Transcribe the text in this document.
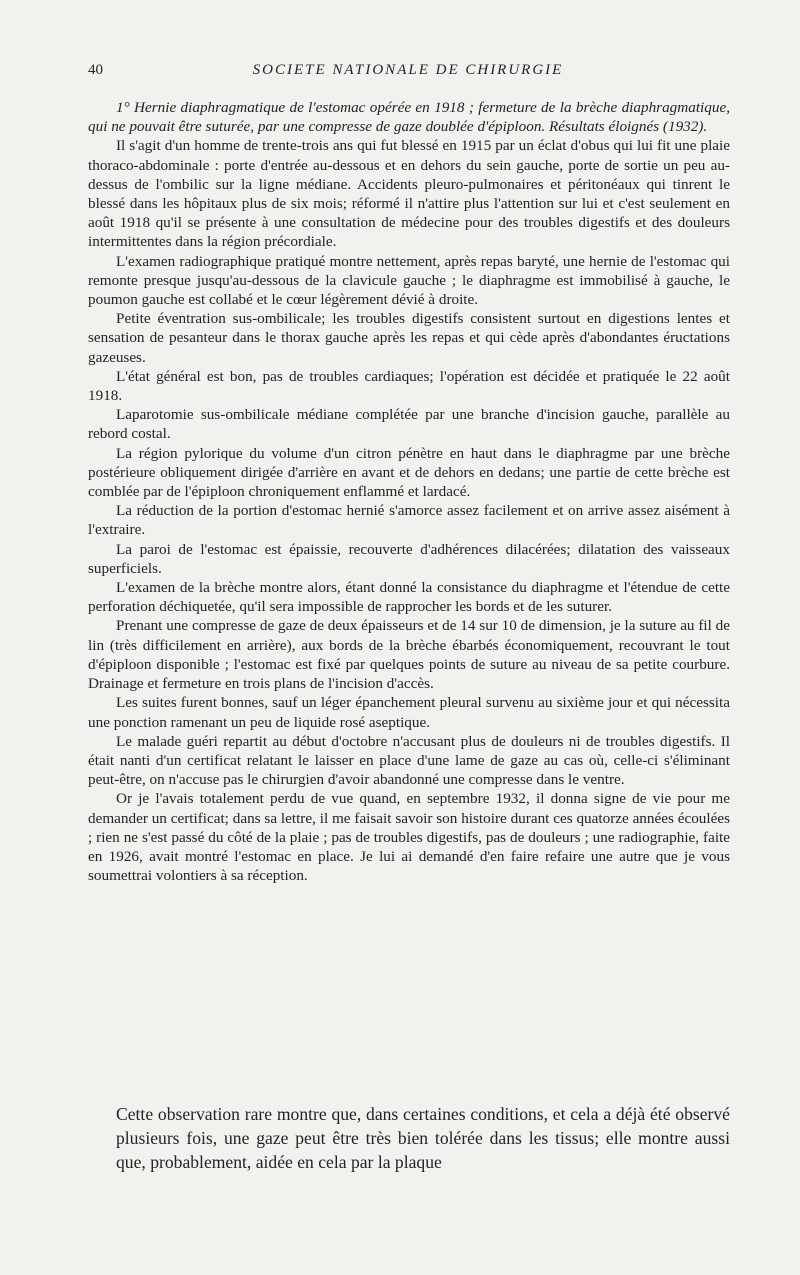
40	SOCIETE NATIONALE DE CHIRURGIE

1° Hernie diaphragmatique de l'estomac opérée en 1918 ; fermeture de la brèche diaphragmatique, qui ne pouvait être suturée, par une compresse de gaze doublée d'épiploon. Résultats éloignés (1932).

Il s'agit d'un homme de trente-trois ans qui fut blessé en 1915 par un éclat d'obus qui lui fit une plaie thoraco-abdominale : porte d'entrée au-dessous et en dehors du sein gauche, porte de sortie un peu au-dessus de l'ombilic sur la ligne médiane. Accidents pleuro-pulmonaires et péritonéaux qui tinrent le blessé dans les hôpitaux plus de six mois; réformé il n'attire plus l'attention sur lui et c'est seulement en août 1918 qu'il se présente à une consultation de médecine pour des troubles digestifs et des douleurs intermittentes dans la région précordiale.

L'examen radiographique pratiqué montre nettement, après repas baryté, une hernie de l'estomac qui remonte presque jusqu'au-dessous de la clavicule gauche ; le diaphragme est immobilisé à gauche, le poumon gauche est collabé et le cœur légèrement dévié à droite.

Petite éventration sus-ombilicale; les troubles digestifs consistent surtout en digestions lentes et sensation de pesanteur dans le thorax gauche après les repas et qui cède après d'abondantes éructations gazeuses.

L'état général est bon, pas de troubles cardiaques; l'opération est décidée et pratiquée le 22 août 1918.

Laparotomie sus-ombilicale médiane complétée par une branche d'incision gauche, parallèle au rebord costal.

La région pylorique du volume d'un citron pénètre en haut dans le diaphragme par une brèche postérieure obliquement dirigée d'arrière en avant et de dehors en dedans; une partie de cette brèche est comblée par de l'épiploon chroniquement enflammé et lardacé.

La réduction de la portion d'estomac hernié s'amorce assez facilement et on arrive assez aisément à l'extraire.

La paroi de l'estomac est épaissie, recouverte d'adhérences dilacérées; dilatation des vaisseaux superficiels.

L'examen de la brèche montre alors, étant donné la consistance du diaphragme et l'étendue de cette perforation déchiquetée, qu'il sera impossible de rapprocher les bords et de les suturer.

Prenant une compresse de gaze de deux épaisseurs et de 14 sur 10 de dimension, je la suture au fil de lin (très difficilement en arrière), aux bords de la brèche ébarbés économiquement, recouvrant le tout d'épiploon disponible ; l'estomac est fixé par quelques points de suture au niveau de sa petite courbure. Drainage et fermeture en trois plans de l'incision d'accès.

Les suites furent bonnes, sauf un léger épanchement pleural survenu au sixième jour et qui nécessita une ponction ramenant un peu de liquide rosé aseptique.

Le malade guéri repartit au début d'octobre n'accusant plus de douleurs ni de troubles digestifs. Il était nanti d'un certificat relatant le laisser en place d'une lame de gaze au cas où, celle-ci s'éliminant peut-être, on n'accuse pas le chirurgien d'avoir abandonné une compresse dans le ventre.

Or je l'avais totalement perdu de vue quand, en septembre 1932, il donna signe de vie pour me demander un certificat; dans sa lettre, il me faisait savoir son histoire durant ces quatorze années écoulées ; rien ne s'est passé du côté de la plaie ; pas de troubles digestifs, pas de douleurs ; une radiographie, faite en 1926, avait montré l'estomac en place. Je lui ai demandé d'en faire refaire une autre que je vous soumettrai volontiers à sa réception.

Cette observation rare montre que, dans certaines conditions, et cela a déjà été observé plusieurs fois, une gaze peut être très bien tolérée dans les tissus; elle montre aussi que, probablement, aidée en cela par la plaque
